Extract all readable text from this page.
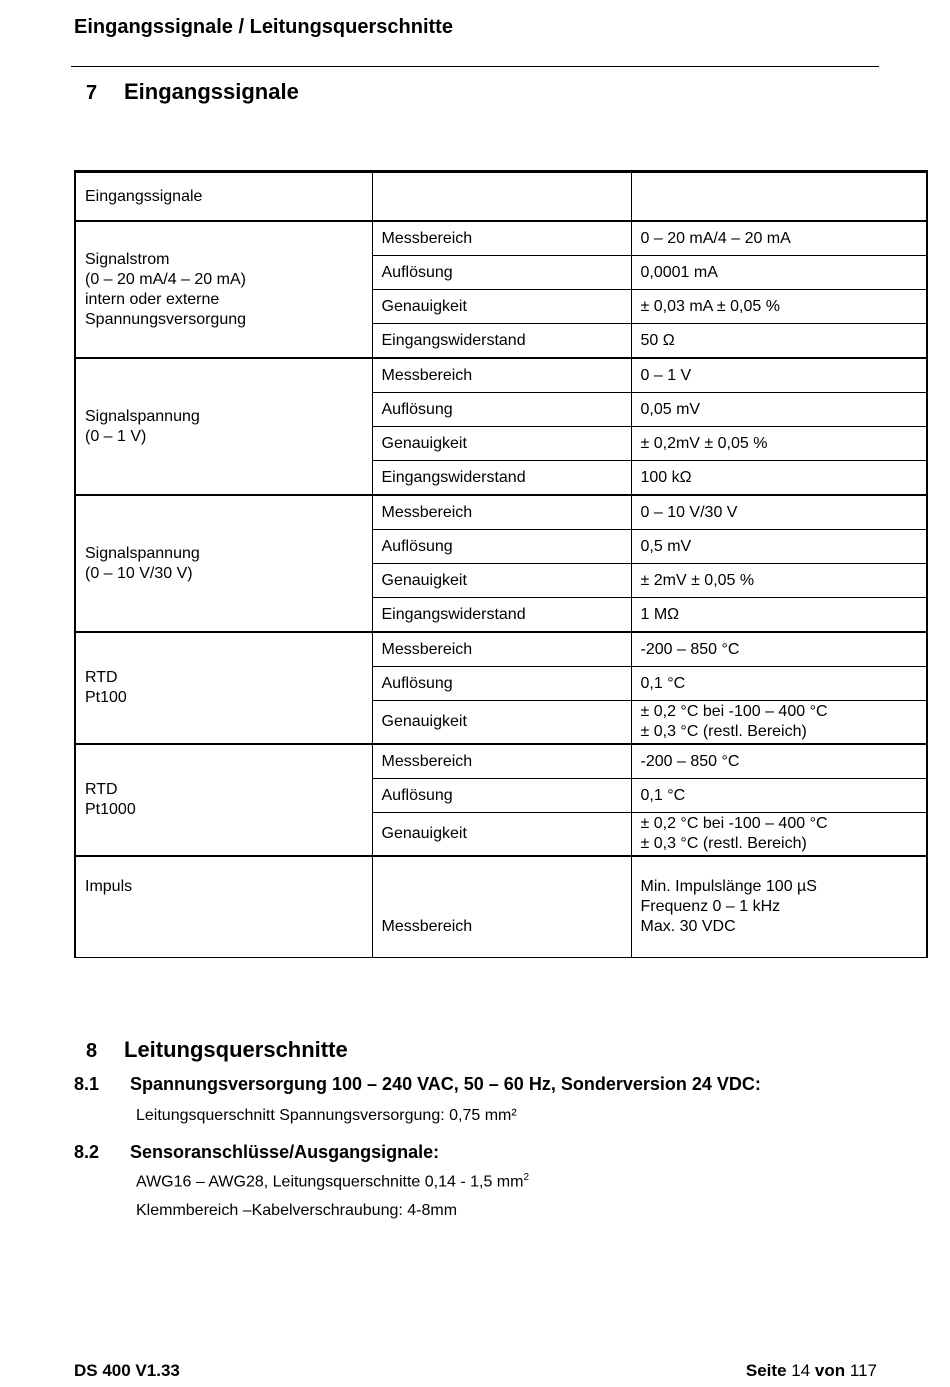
Eingangssignale / Leitungsquerschnitte
7 Eingangssignale
Eingangssignale		
Signalstrom
(0 – 20 mA/4 – 20 mA)
intern oder externe
Spannungsversorgung	Messbereich	0 – 20 mA/4 – 20 mA
	Auflösung	0,0001 mA
	Genauigkeit	± 0,03 mA ± 0,05 %
	Eingangswiderstand	50 Ω
Signalspannung
(0 – 1 V)	Messbereich	0 – 1 V
	Auflösung	0,05 mV
	Genauigkeit	± 0,2mV ± 0,05 %
	Eingangswiderstand	100 kΩ
Signalspannung
(0 – 10 V/30 V)	Messbereich	0 – 10 V/30 V
	Auflösung	0,5 mV
	Genauigkeit	± 2mV ± 0,05 %
	Eingangswiderstand	1 MΩ
RTD
Pt100	Messbereich	-200 – 850 °C
	Auflösung	0,1 °C
	Genauigkeit	± 0,2 °C bei -100 – 400 °C
± 0,3 °C (restl. Bereich)
RTD
Pt1000	Messbereich	-200 – 850 °C
	Auflösung	0,1 °C
	Genauigkeit	± 0,2 °C bei -100 – 400 °C
± 0,3 °C (restl. Bereich)
Impuls	Messbereich	Min. Impulslänge 100 µS
Frequenz 0 – 1 kHz
Max. 30 VDC
8 Leitungsquerschnitte
8.1 Spannungsversorgung 100 – 240 VAC, 50 – 60 Hz, Sonderversion 24 VDC:
Leitungsquerschnitt Spannungsversorgung: 0,75 mm²
8.2 Sensoranschlüsse/Ausgangsignale:
AWG16 – AWG28, Leitungsquerschnitte 0,14 - 1,5 $mm^2$
Klemmbereich –Kabelverschraubung: 4-8mm
DS 400 V1.33	Seite 14 von 117
